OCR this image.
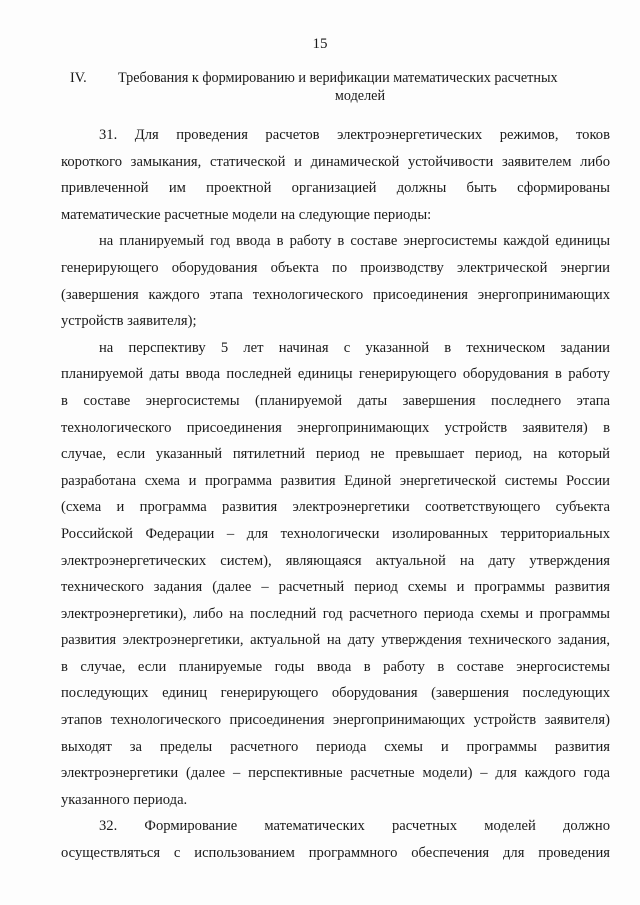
15
IV.	Требования к формированию и верификации математических расчетных
моделей
31. Для проведения расчетов электроэнергетических режимов, токов
короткого замыкания, статической и динамической устойчивости заявителем либо
привлеченной им проектной организацией должны быть сформированы
математические расчетные модели на следующие периоды:
на планируемый год ввода в работу в составе энергосистемы каждой единицы
генерирующего оборудования объекта по производству электрической энергии
(завершения каждого этапа технологического присоединения энергопринимающих
устройств заявителя);
на перспективу 5 лет начиная с указанной в техническом задании
планируемой даты ввода последней единицы генерирующего оборудования в работу
в составе энергосистемы (планируемой даты завершения последнего этапа
технологического присоединения энергопринимающих устройств заявителя) в
случае, если указанный пятилетний период не превышает период, на который
разработана схема и программа развития Единой энергетической системы России
(схема и программа развития электроэнергетики соответствующего субъекта
Российской Федерации – для технологически изолированных территориальных
электроэнергетических систем), являющаяся актуальной на дату утверждения
технического задания (далее – расчетный период схемы и программы развития
электроэнергетики), либо на последний год расчетного периода схемы и программы
развития электроэнергетики, актуальной на дату утверждения технического задания,
в случае, если планируемые годы ввода в работу в составе энергосистемы
последующих единиц генерирующего оборудования (завершения последующих
этапов технологического присоединения энергопринимающих устройств заявителя)
выходят за пределы расчетного периода схемы и программы развития
электроэнергетики (далее – перспективные расчетные модели) – для каждого года
указанного периода.
32. Формирование математических расчетных моделей должно
осуществляться с использованием программного обеспечения для проведения
